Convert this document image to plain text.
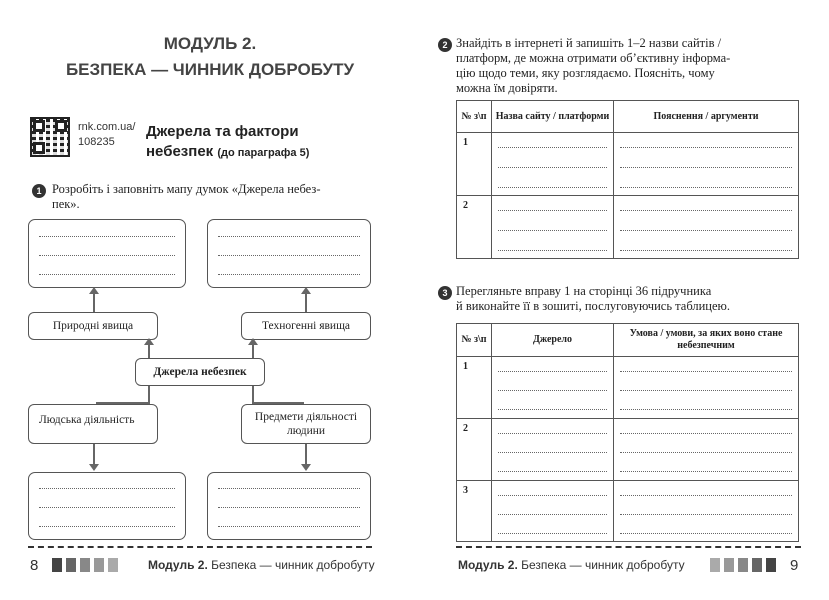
МОДУЛЬ 2.
БЕЗПЕКА — ЧИННИК ДОБРОБУТУ
rnk.com.ua/
108235
Джерела та фактори
небезпек (до параграфа 5)
1 Розробіть і заповніть мапу думок «Джерела небез-
пек».
Природні явища	Техногенні явища
Джерела небезпек
Людська діяльність	Предмети діяльності
людини
8	Модуль 2. Безпека — чинник добробуту
2 Знайдіть в інтернеті й запишіть 1–2 назви сайтів /
платформ, де можна отримати об’єктивну інформа-
цію щодо теми, яку розглядаємо. Поясніть, чому
можна їм довіряти.
№ з\п	Назва сайту / платформи	Пояснення / аргументи

1		

2		

3 Перегляньте вправу 1 на сторінці 36 підручника
й виконайте її в зошиті, послуговуючись таблицею.
№ з\п	Джерело	Умова / умови, за яких воно стане небезпечним

1		

2		

3		

Модуль 2. Безпека — чинник добробуту	9
